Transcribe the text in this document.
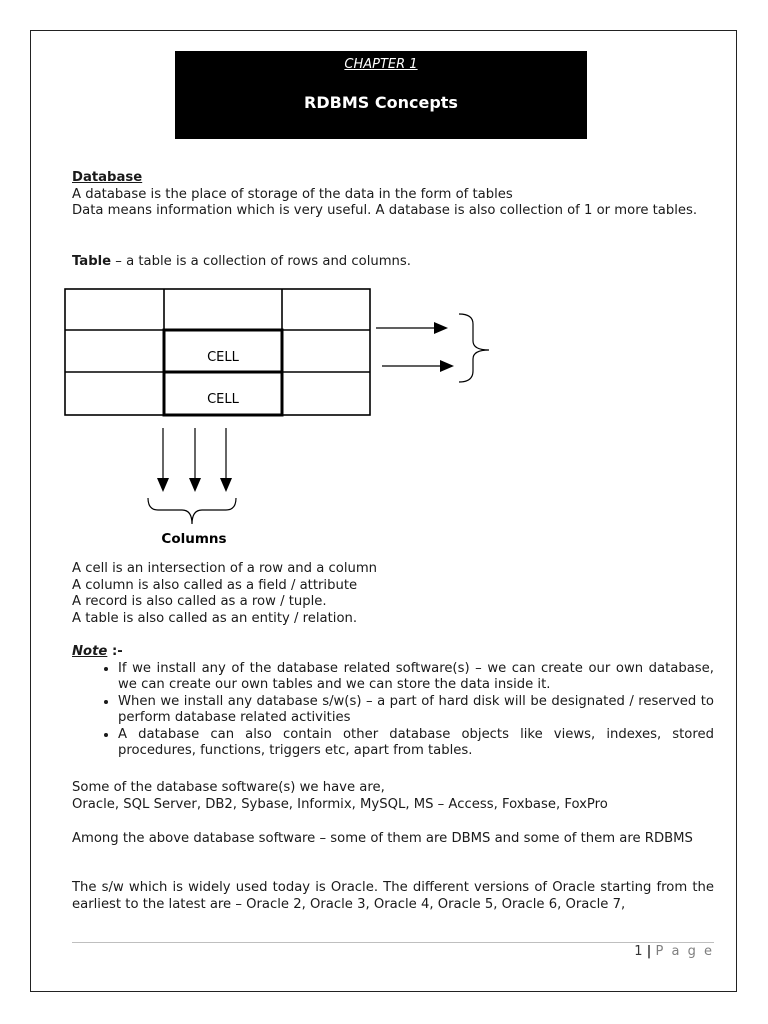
CHAPTER 1
RDBMS Concepts
Database
A database is the place of storage of the data in the form of tables
Data means information which is very useful. A database is also collection of 1 or more tables.
Table – a table is a collection of rows and columns.
CELL
CELL
Columns
A cell is an intersection of a row and a column
A column is also called as a field / attribute
A record is also called as a row / tuple.
A table is also called as an entity / relation.
Note :-
• If we install any of the database related software(s) – we can create our own database, we can create our own tables and we can store the data inside it.
• When we install any database s/w(s) – a part of hard disk will be designated / reserved to perform database related activities
• A database can also contain other database objects like views, indexes, stored procedures, functions, triggers etc, apart from tables.
Some of the database software(s) we have are,
Oracle, SQL Server, DB2, Sybase, Informix, MySQL, MS – Access, Foxbase, FoxPro
Among the above database software – some of them are DBMS and some of them are RDBMS
The s/w which is widely used today is Oracle. The different versions of Oracle starting from the earliest to the latest are – Oracle 2, Oracle 3, Oracle 4, Oracle 5, Oracle 6, Oracle 7,
1 | P a g e
